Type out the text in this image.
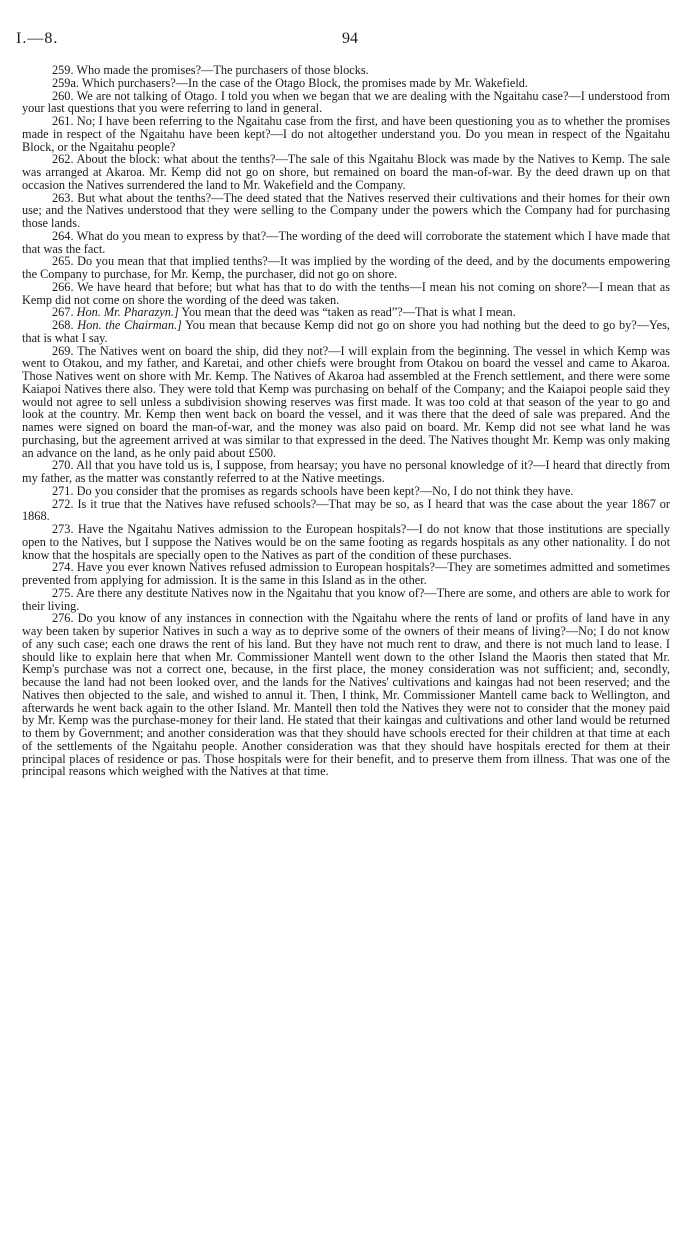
I.—8.	94

259. Who made the promises?—The purchasers of those blocks.

259a. Which purchasers?—In the case of the Otago Block, the promises made by Mr. Wakefield.

260. We are not talking of Otago. I told you when we began that we are dealing with the Ngaitahu case?—I understood from your last questions that you were referring to land in general.

261. No; I have been referring to the Ngaitahu case from the first, and have been questioning you as to whether the promises made in respect of the Ngaitahu have been kept?—I do not altogether understand you. Do you mean in respect of the Ngaitahu Block, or the Ngaitahu people?

262. About the block: what about the tenths?—The sale of this Ngaitahu Block was made by the Natives to Kemp. The sale was arranged at Akaroa. Mr. Kemp did not go on shore, but remained on board the man-of-war. By the deed drawn up on that occasion the Natives surrendered the land to Mr. Wakefield and the Company.

263. But what about the tenths?—The deed stated that the Natives reserved their cultivations and their homes for their own use; and the Natives understood that they were selling to the Company under the powers which the Company had for purchasing those lands.

264. What do you mean to express by that?—The wording of the deed will corroborate the statement which I have made that that was the fact.

265. Do you mean that that implied tenths?—It was implied by the wording of the deed, and by the documents empowering the Company to purchase, for Mr. Kemp, the purchaser, did not go on shore.

266. We have heard that before; but what has that to do with the tenths—I mean his not coming on shore?—I mean that as Kemp did not come on shore the wording of the deed was taken.

267. Hon. Mr. Pharazyn.] You mean that the deed was “taken as read”?—That is what I mean.

268. Hon. the Chairman.] You mean that because Kemp did not go on shore you had nothing but the deed to go by?—Yes, that is what I say.

269. The Natives went on board the ship, did they not?—I will explain from the beginning. The vessel in which Kemp was went to Otakou, and my father, and Karetai, and other chiefs were brought from Otakou on board the vessel and came to Akaroa. Those Natives went on shore with Mr. Kemp. The Natives of Akaroa had assembled at the French settlement, and there were some Kaiapoi Natives there also. They were told that Kemp was purchasing on behalf of the Company; and the Kaiapoi people said they would not agree to sell unless a subdivision showing reserves was first made. It was too cold at that season of the year to go and look at the country. Mr. Kemp then went back on board the vessel, and it was there that the deed of sale was prepared. And the names were signed on board the man-of-war, and the money was also paid on board. Mr. Kemp did not see what land he was purchasing, but the agreement arrived at was similar to that expressed in the deed. The Natives thought Mr. Kemp was only making an advance on the land, as he only paid about £500.

270. All that you have told us is, I suppose, from hearsay; you have no personal knowledge of it?—I heard that directly from my father, as the matter was constantly referred to at the Native meetings.

271. Do you consider that the promises as regards schools have been kept?—No, I do not think they have.

272. Is it true that the Natives have refused schools?—That may be so, as I heard that was the case about the year 1867 or 1868.

273. Have the Ngaitahu Natives admission to the European hospitals?—I do not know that those institutions are specially open to the Natives, but I suppose the Natives would be on the same footing as regards hospitals as any other nationality. I do not know that the hospitals are specially open to the Natives as part of the condition of these purchases.

274. Have you ever known Natives refused admission to European hospitals?—They are sometimes admitted and sometimes prevented from applying for admission. It is the same in this Island as in the other.

275. Are there any destitute Natives now in the Ngaitahu that you know of?—There are some, and others are able to work for their living.

276. Do you know of any instances in connection with the Ngaitahu where the rents of land or profits of land have in any way been taken by superior Natives in such a way as to deprive some of the owners of their means of living?—No; I do not know of any such case; each one draws the rent of his land. But they have not much rent to draw, and there is not much land to lease. I should like to explain here that when Mr. Commissioner Mantell went down to the other Island the Maoris then stated that Mr. Kemp's purchase was not a correct one, because, in the first place, the money consideration was not sufficient; and, secondly, because the land had not been looked over, and the lands for the Natives' cultivations and kaingas had not been reserved; and the Natives then objected to the sale, and wished to annul it. Then, I think, Mr. Commissioner Mantell came back to Wellington, and afterwards he went back again to the other Island. Mr. Mantell then told the Natives they were not to consider that the money paid by Mr. Kemp was the purchase-money for their land. He stated that their kaingas and cultivations and other land would be returned to them by Government; and another consideration was that they should have schools erected for their children at that time at each of the settlements of the Ngaitahu people. Another consideration was that they should have hospitals erected for them at their principal places of residence or pas. Those hospitals were for their benefit, and to preserve them from illness. That was one of the principal reasons which weighed with the Natives at that time.
